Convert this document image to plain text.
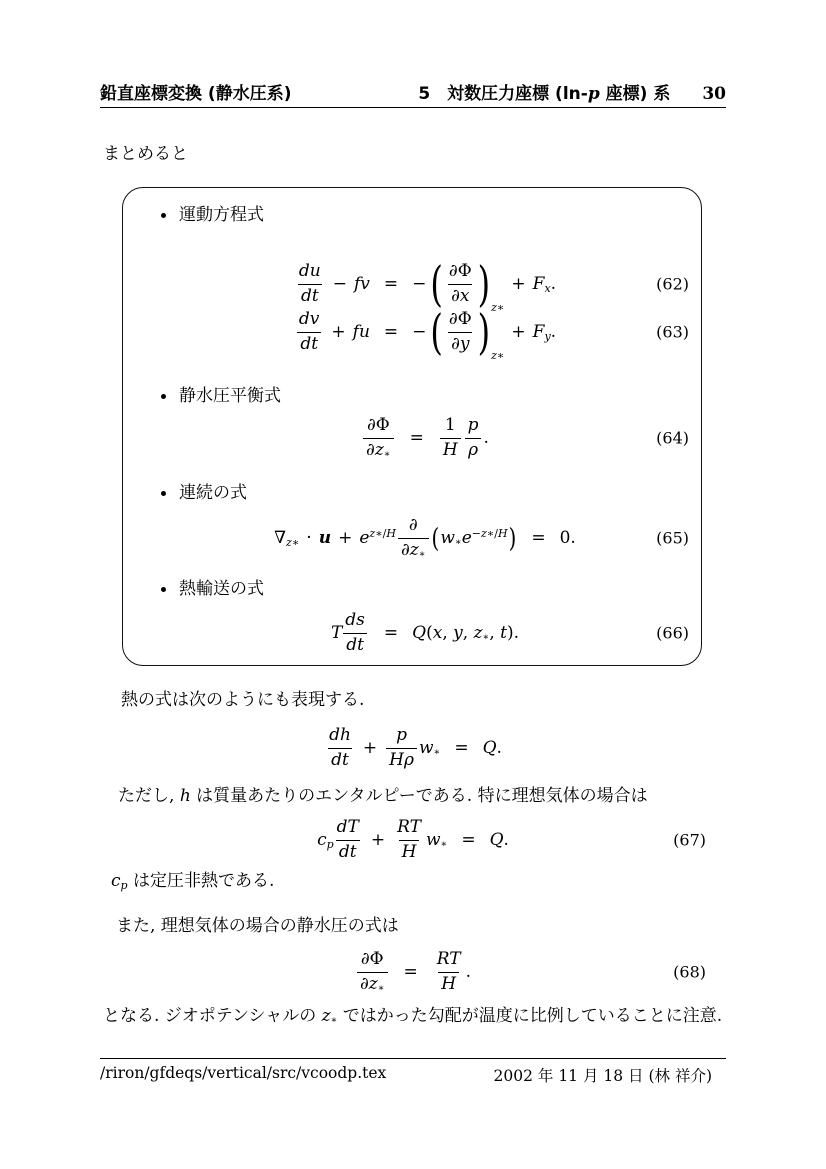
鉛直座標変換 (静水圧系)	5 対数圧力座標 (ln-p 座標) 系 30
まとめると
運動方程式
du
dt
− fv = − ( ∂Φ
∂x ) z∗
+ $F_x$.	(62)
dv
dt
+ fu = − ( ∂Φ
∂y ) z∗
+ $F_y$.	(63)
静水圧平衡式
$\frac{\partial\Phi}{\partial z_∗} = \frac{1}{H}$ p
ρ
.	(64)
連続の式
$\nabla_{z∗} \cdot u + e^{z∗/H}$ ∂
$\partial z_∗$
( $w_∗e^{-z∗/H}$ ) = 0.	(65)
熱輸送の式
T $\frac{ds}{dt} = Q(x$, y, $z_∗$, t).	(66)
熱の式は次のようにも表現する.
dh
dt
+ $\frac{p}{H\rho} w_∗ = Q$.
ただし, h は質量あたりのエンタルピーである. 特に理想気体の場合は
$c_p$
dT
dt
+ $\frac{RT}{H} w_∗ = Q$.	(67)
$c_p$ は定圧非熱である.
また, 理想気体の場合の静水圧の式は
$\frac{\partial\Phi}{\partial z_∗} = \frac{RT}{H}$ .	(68)
となる. ジオポテンシャルの $z_∗$ ではかった勾配が温度に比例していることに注意.
/riron/gfdeqs/vertical/src/vcoodp.tex	2002 年 11 月 18 日 (林 祥介)
